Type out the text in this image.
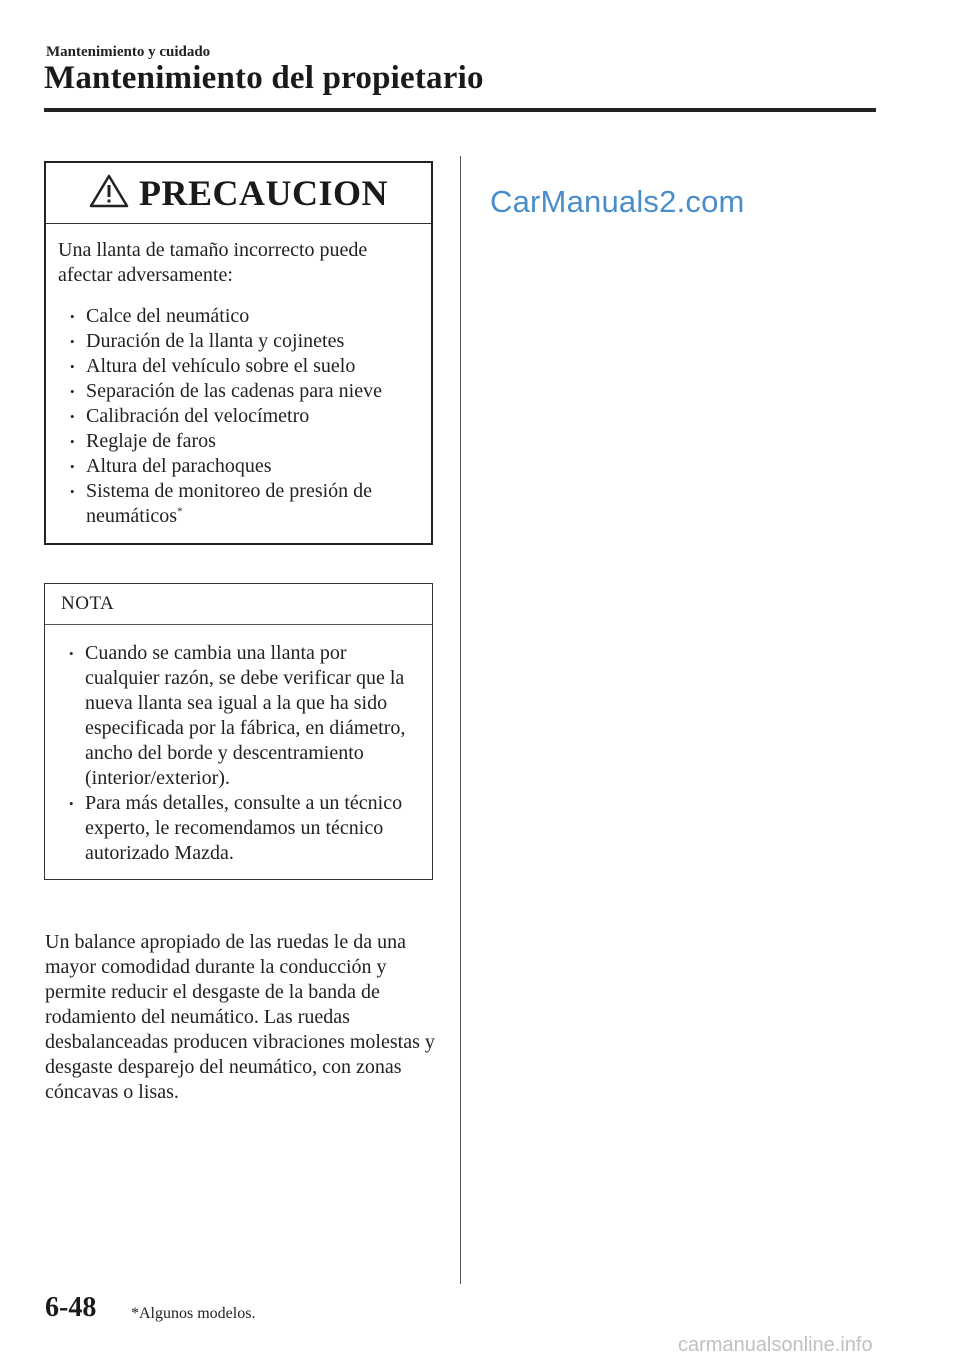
Mantenimiento y cuidado
Mantenimiento del propietario
PRECAUCION

Una llanta de tamaño incorrecto puede afectar adversamente:

• Calce del neumático
• Duración de la llanta y cojinetes
• Altura del vehículo sobre el suelo
• Separación de las cadenas para nieve
• Calibración del velocímetro
• Reglaje de faros
• Altura del parachoques
• Sistema de monitoreo de presión de neumáticos*
NOTA
• Cuando se cambia una llanta por cualquier razón, se debe verificar que la nueva llanta sea igual a la que ha sido especificada por la fábrica, en diámetro, ancho del borde y descentramiento (interior/exterior).
• Para más detalles, consulte a un técnico experto, le recomendamos un técnico autorizado Mazda.

Un balance apropiado de las ruedas le da una mayor comodidad durante la conducción y permite reducir el desgaste de la banda de rodamiento del neumático. Las ruedas desbalanceadas producen vibraciones molestas y desgaste desparejo del neumático, con zonas cóncavas o lisas.

CarManuals2.com
6-48 *Algunos modelos.
carmanualsonline.info
